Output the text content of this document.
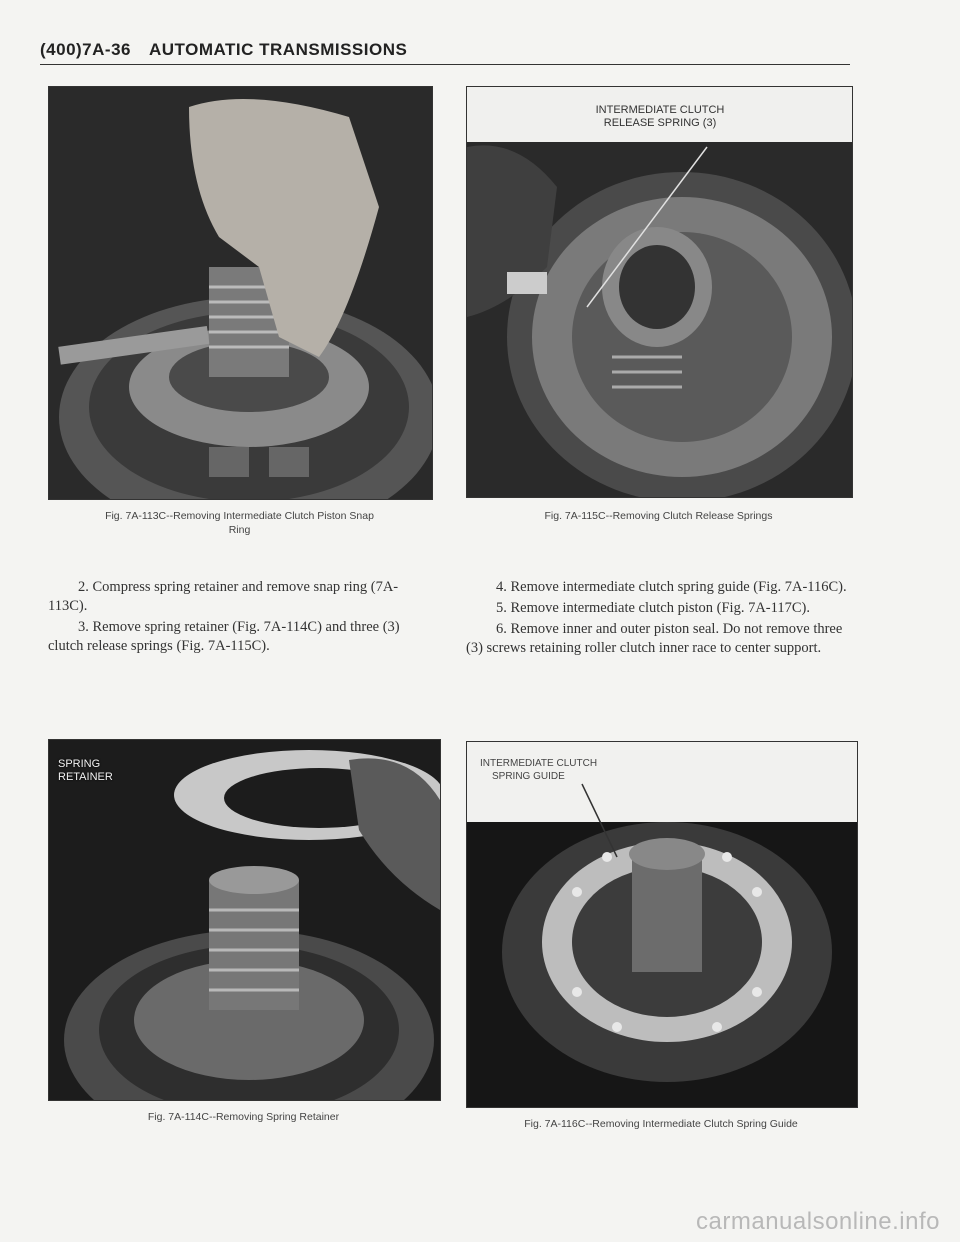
(400)7A-36 AUTOMATIC TRANSMISSIONS
Fig. 7A-113C--Removing Intermediate Clutch Piston Snap
Ring
INTERMEDIATE CLUTCH
RELEASE SPRING (3)
Fig. 7A-115C--Removing Clutch Release Springs

2. Compress spring retainer and remove snap ring (7A-113C).

3. Remove spring retainer (Fig. 7A-114C) and three (3) clutch release springs (Fig. 7A-115C).

4. Remove intermediate clutch spring guide (Fig. 7A-116C).

5. Remove intermediate clutch piston (Fig. 7A-117C).

6. Remove inner and outer piston seal. Do not remove three (3) screws retaining roller clutch inner race to center support.

SPRING
RETAINER
Fig. 7A-114C--Removing Spring Retainer
INTERMEDIATE CLUTCH
SPRING GUIDE
Fig. 7A-116C--Removing Intermediate Clutch Spring Guide
carmanualsonline.info
